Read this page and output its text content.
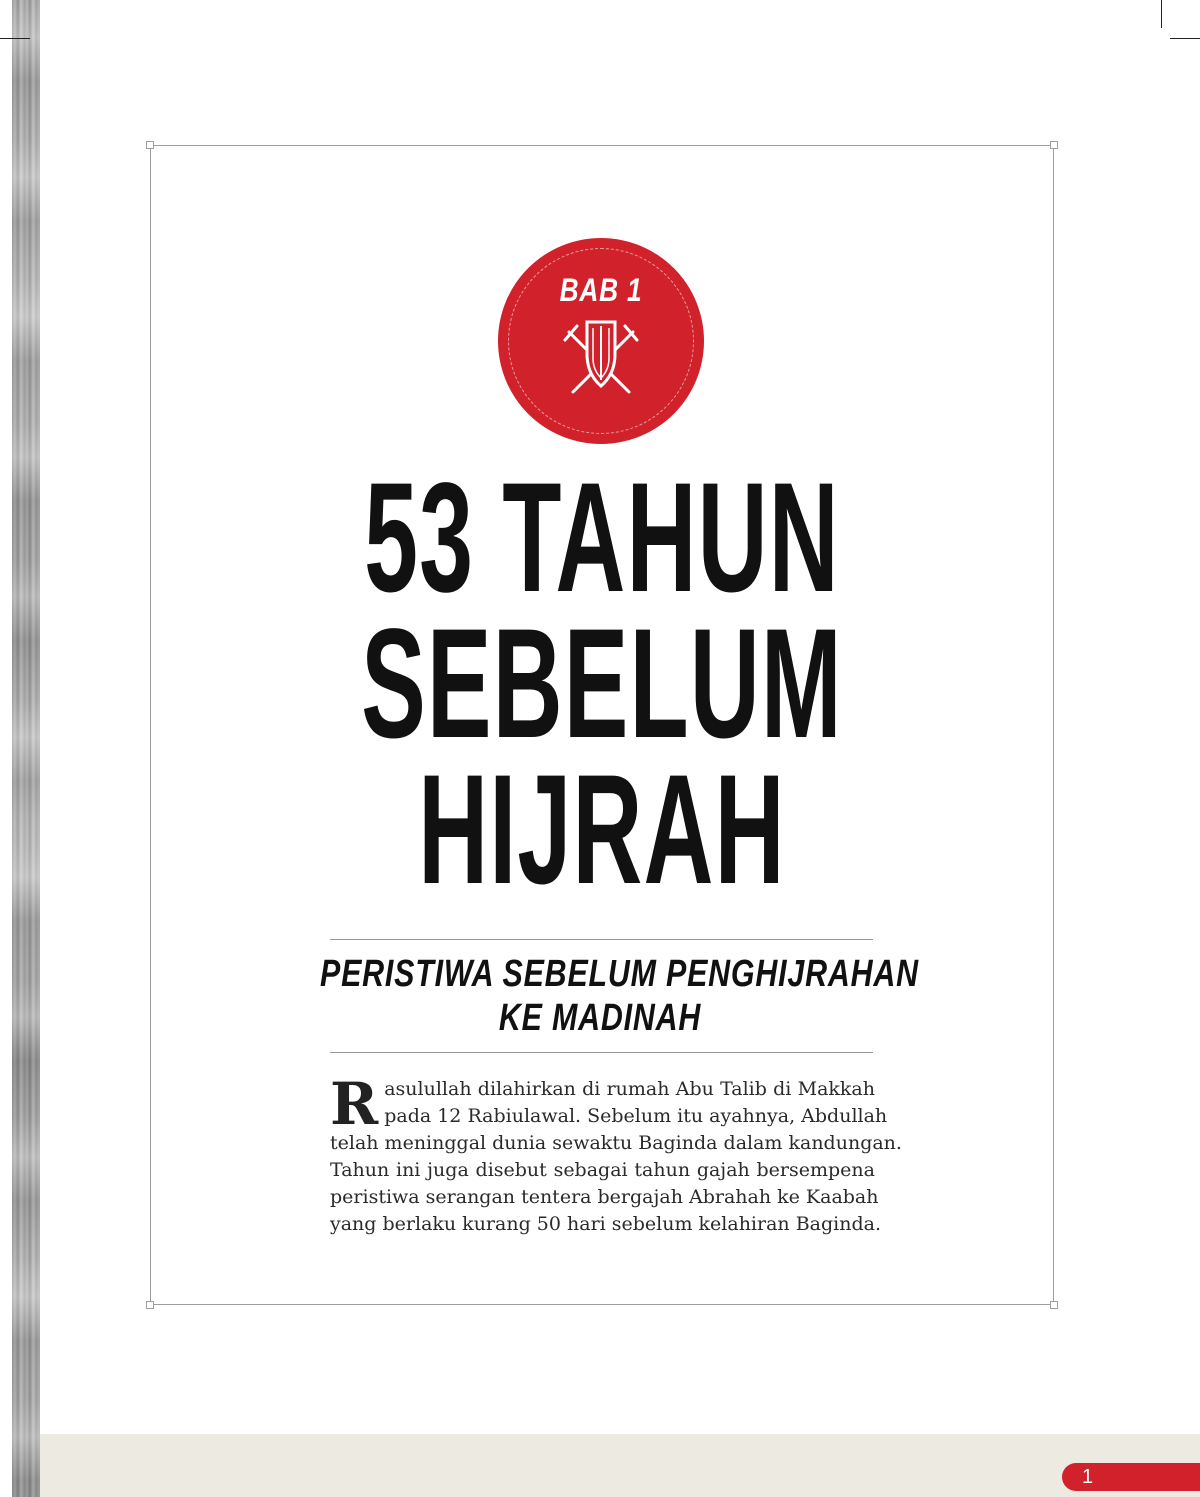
BAB 1
53 TAHUN
SEBELUM
HIJRAH
PERISTIWA SEBELUM PENGHIJRAHAN
KE MADINAH
R asulullah dilahirkan di rumah Abu Talib di Makkah
pada 12 Rabiulawal. Sebelum itu ayahnya, Abdullah
telah meninggal dunia sewaktu Baginda dalam kandungan.
Tahun ini juga disebut sebagai tahun gajah bersempena
peristiwa serangan tentera bergajah Abrahah ke Kaabah
yang berlaku kurang 50 hari sebelum kelahiran Baginda.
1
